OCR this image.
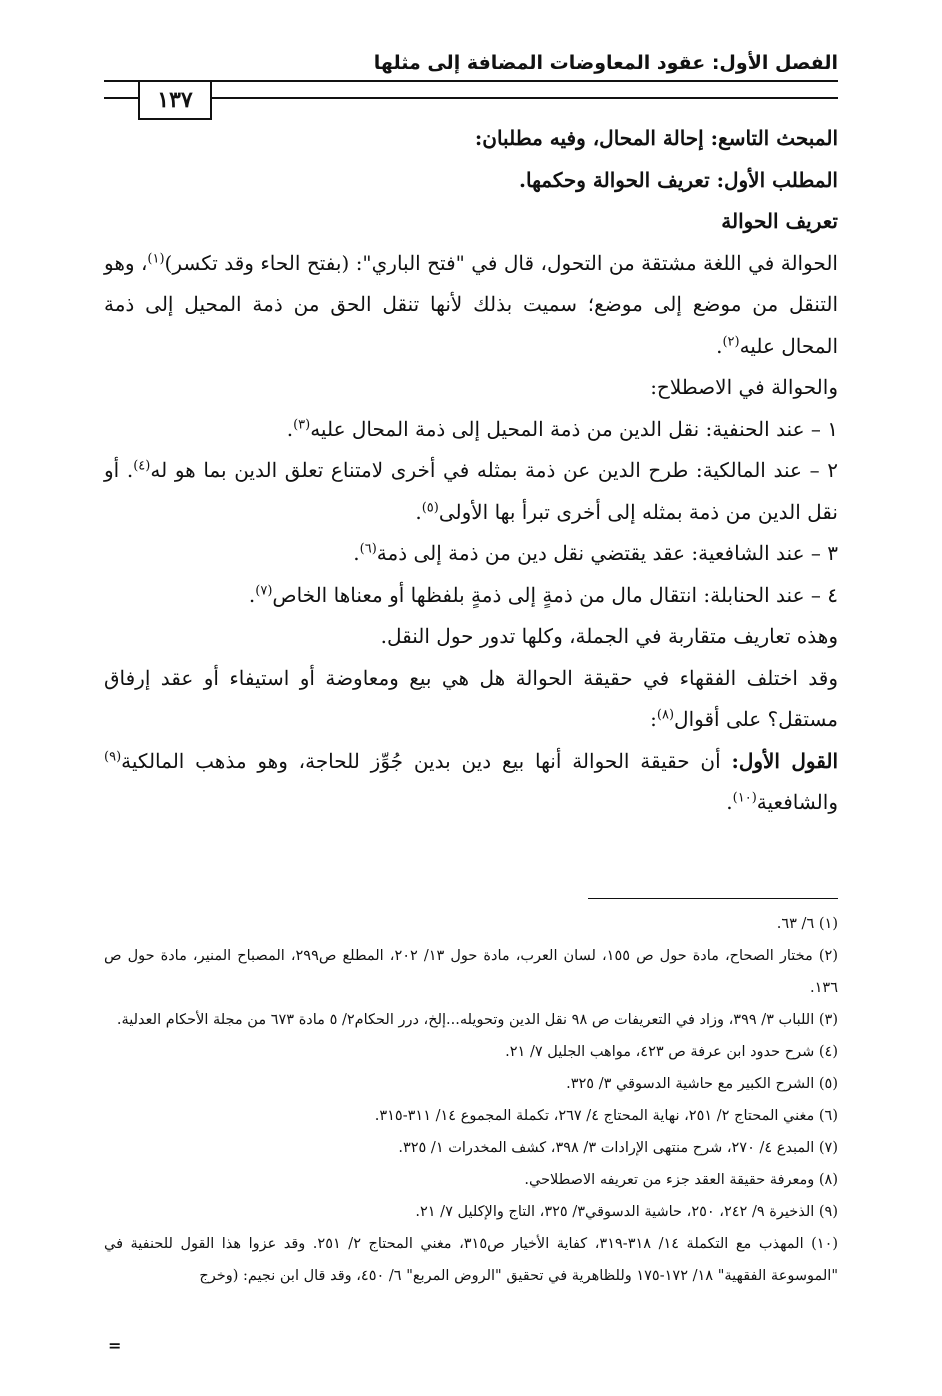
الفصل الأول: عقود المعاوضات المضافة إلى مثلها
١٣٧

المبحث التاسع: إحالة المحال، وفيه مطلبان:

المطلب الأول: تعريف الحوالة وحكمها.

تعريف الحوالة

الحوالة في اللغة مشتقة من التحول، قال في "فتح الباري": (بفتح الحاء وقد تكسر)$^{(١)}$، وهو التنقل من موضع إلى موضع؛ سميت بذلك لأنها تنقل الحق من ذمة المحيل إلى ذمة المحال عليه$^{(٢)}$.

والحوالة في الاصطلاح:

١ – عند الحنفية: نقل الدين من ذمة المحيل إلى ذمة المحال عليه$^{(٣)}$.

٢ – عند المالكية: طرح الدين عن ذمة بمثله في أخرى لامتناع تعلق الدين بما هو له$^{(٤)}$. أو نقل الدين من ذمة بمثله إلى أخرى تبرأ بها الأولى$^{(٥)}$.

٣ – عند الشافعية: عقد يقتضي نقل دين من ذمة إلى ذمة$^{(٦)}$.

٤ – عند الحنابلة: انتقال مال من ذمةٍ إلى ذمةٍ بلفظها أو معناها الخاص$^{(٧)}$.

وهذه تعاريف متقاربة في الجملة، وكلها تدور حول النقل.

وقد اختلف الفقهاء في حقيقة الحوالة هل هي بيع ومعاوضة أو استيفاء أو عقد إرفاق مستقل؟ على أقوال$^{(٨)}$:

القول الأول: أن حقيقة الحوالة أنها بيع دين بدين جُوِّز للحاجة، وهو مذهب المالكية$^{(٩)}$ والشافعية$^{(١٠)}$.

(١) ٦/ ٦٣.

(٢) مختار الصحاح، مادة حول ص ١٥٥، لسان العرب، مادة حول ١٣/ ٢٠٢، المطلع ص٢٩٩، المصباح المنير، مادة حول ص ١٣٦.

(٣) اللباب ٣/ ٣٩٩، وزاد في التعريفات ص ٩٨ نقل الدين وتحويله...إلخ، درر الحكام٢/ ٥ مادة ٦٧٣ من مجلة الأحكام العدلية.

(٤) شرح حدود ابن عرفة ص ٤٢٣، مواهب الجليل ٧/ ٢١.

(٥) الشرح الكبير مع حاشية الدسوقي ٣/ ٣٢٥.

(٦) مغني المحتاج ٢/ ٢٥١، نهاية المحتاج ٤/ ٢٦٧، تكملة المجموع ١٤/ ٣١١-٣١٥.

(٧) المبدع ٤/ ٢٧٠، شرح منتهى الإرادات ٣/ ٣٩٨، كشف المخدرات ١/ ٣٢٥.

(٨) ومعرفة حقيقة العقد جزء من تعريفه الاصطلاحي.

(٩) الذخيرة ٩/ ٢٤٢، ٢٥٠، حاشية الدسوقي٣/ ٣٢٥، التاج والإكليل ٧/ ٢١.

(١٠) المهذب مع التكملة ١٤/ ٣١٨-٣١٩، كفاية الأخيار ص٣١٥، مغني المحتاج ٢/ ٢٥١. وقد عزوا هذا القول للحنفية في "الموسوعة الفقهية" ١٨/ ١٧٢-١٧٥ وللظاهرية في تحقيق "الروض المربع" ٦/ ٤٥٠، وقد قال ابن نجيم: (وخرج

=
